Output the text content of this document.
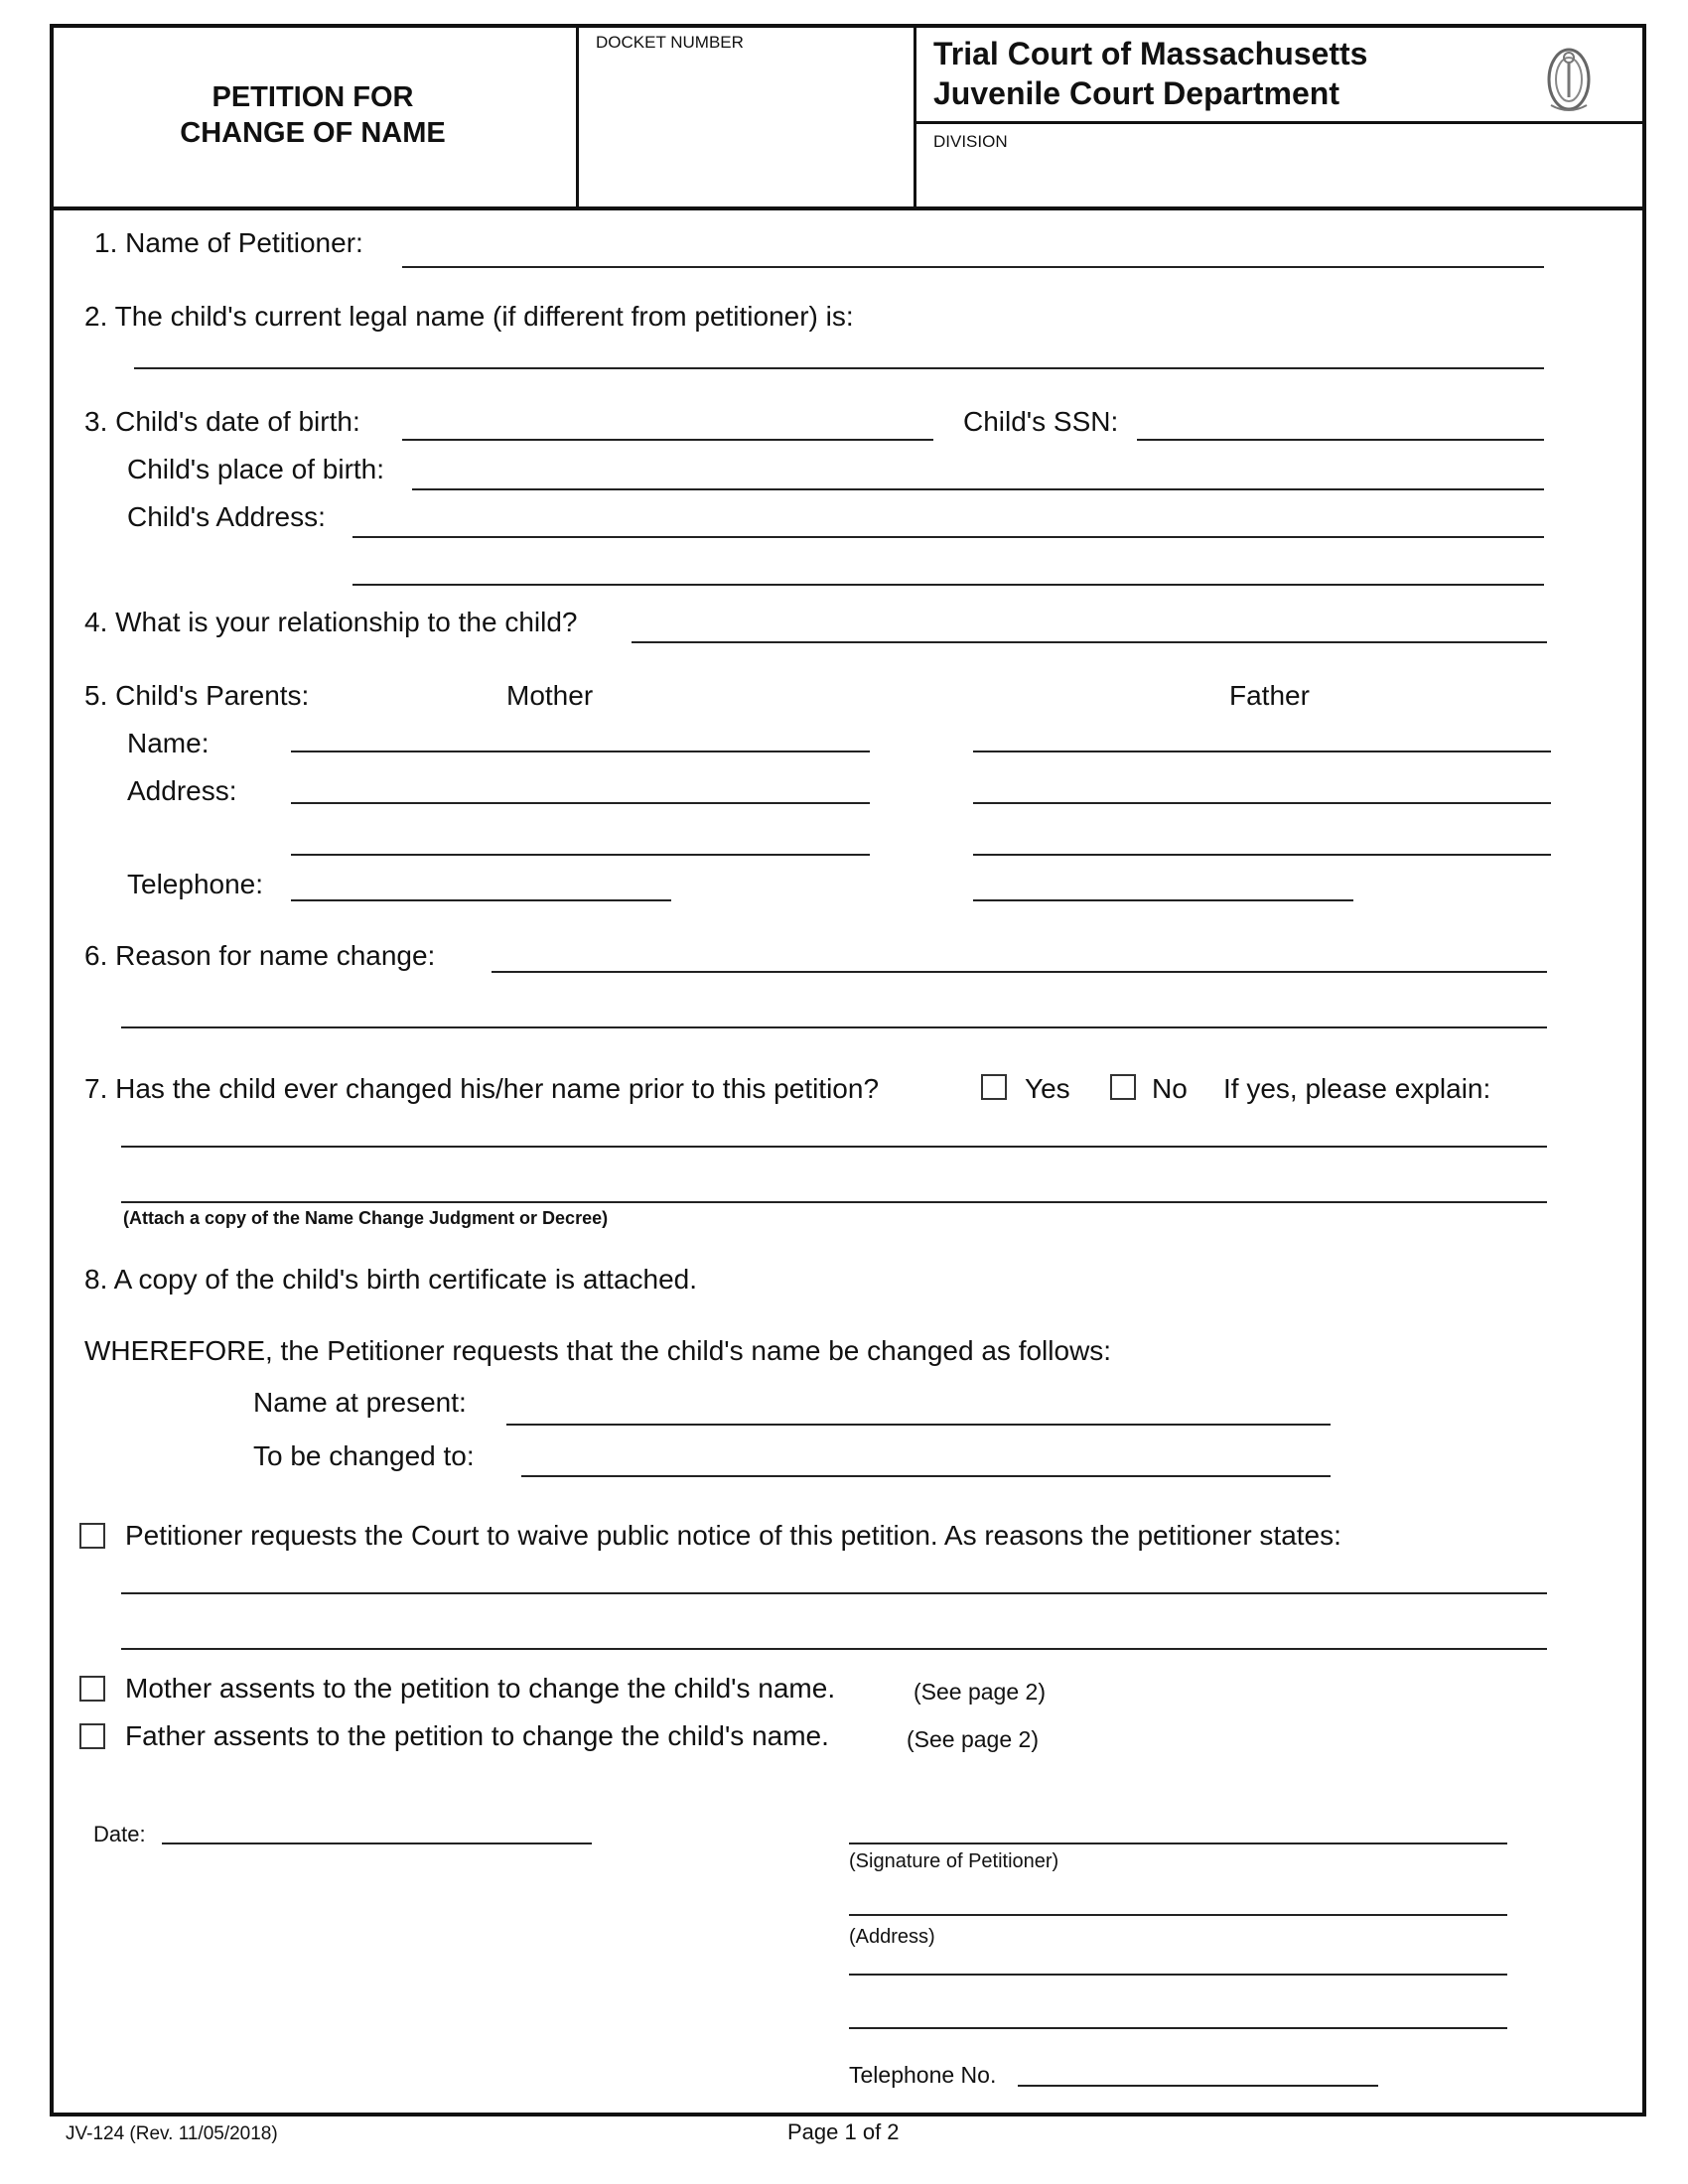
PETITION FOR
CHANGE OF NAME
DOCKET NUMBER	Trial Court of Massachusetts
Juvenile Court Department
DIVISION
1. Name of Petitioner:
2. The child's current legal name (if different from petitioner) is:
3. Child's date of birth:	Child's SSN:
Child's place of birth:
Child's Address:
4. What is your relationship to the child?
5. Child's Parents:	Mother	Father
Name:
Address:
Telephone:
6. Reason for name change:
7. Has the child ever changed his/her name prior to this petition?	Yes	No If yes, please explain:
(Attach a copy of the Name Change Judgment or Decree)
8. A copy of the child's birth certificate is attached.
WHEREFORE, the Petitioner requests that the child's name be changed as follows:
Name at present:
To be changed to:
Petitioner requests the Court to waive public notice of this petition. As reasons the petitioner states:
Mother assents to the petition to change the child's name.	(See page 2)
Father assents to the petition to change the child's name.	(See page 2)
Date:
(Signature of Petitioner)
(Address)
Telephone No.
JV-124 (Rev. 11/05/2018)	Page 1 of 2
